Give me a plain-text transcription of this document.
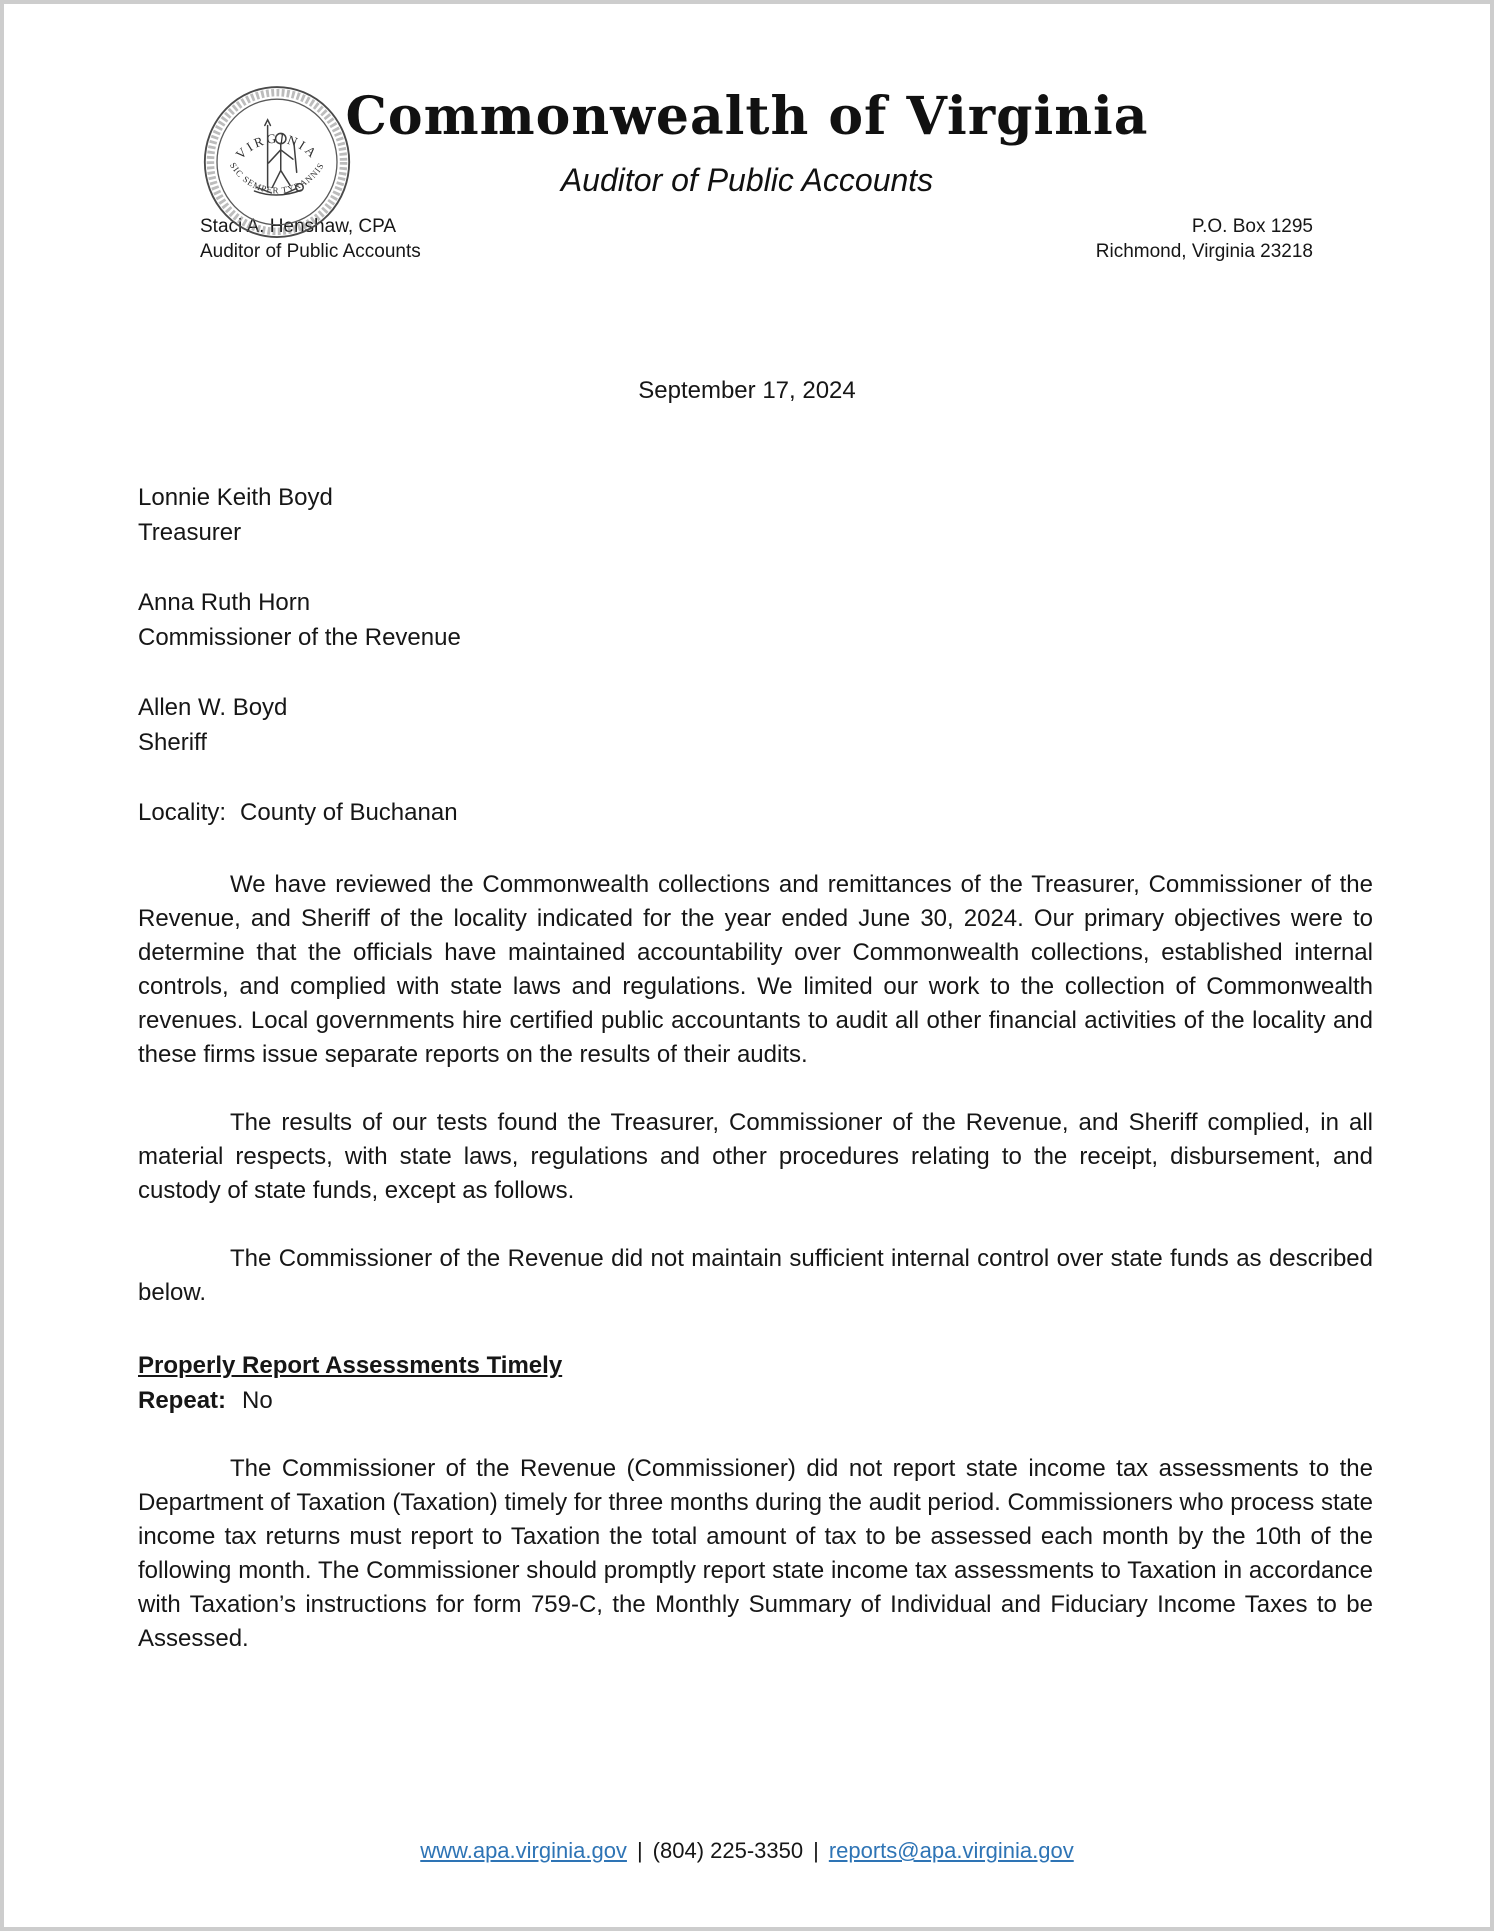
VIRGINIA
SIC SEMPER TYRANNIS
Commonwealth of Virginia
Auditor of Public Accounts
Staci A. Henshaw, CPA
Auditor of Public Accounts
P.O. Box 1295
Richmond, Virginia 23218
September 17, 2024
Lonnie Keith Boyd
Treasurer
Anna Ruth Horn
Commissioner of the Revenue
Allen W. Boyd
Sheriff
Locality: County of Buchanan

We have reviewed the Commonwealth collections and remittances of the Treasurer, Commissioner of the Revenue, and Sheriff of the locality indicated for the year ended June 30, 2024. Our primary objectives were to determine that the officials have maintained accountability over Commonwealth collections, established internal controls, and complied with state laws and regulations. We limited our work to the collection of Commonwealth revenues. Local governments hire certified public accountants to audit all other financial activities of the locality and these firms issue separate reports on the results of their audits.

The results of our tests found the Treasurer, Commissioner of the Revenue, and Sheriff complied, in all material respects, with state laws, regulations and other procedures relating to the receipt, disbursement, and custody of state funds, except as follows.

The Commissioner of the Revenue did not maintain sufficient internal control over state funds as described below.

Properly Report Assessments Timely
Repeat: No

The Commissioner of the Revenue (Commissioner) did not report state income tax assessments to the Department of Taxation (Taxation) timely for three months during the audit period. Commissioners who process state income tax returns must report to Taxation the total amount of tax to be assessed each month by the 10th of the following month. The Commissioner should promptly report state income tax assessments to Taxation in accordance with Taxation’s instructions for form 759-C, the Monthly Summary of Individual and Fiduciary Income Taxes to be Assessed.

www.apa.virginia.gov | (804) 225-3350 | reports@apa.virginia.gov
